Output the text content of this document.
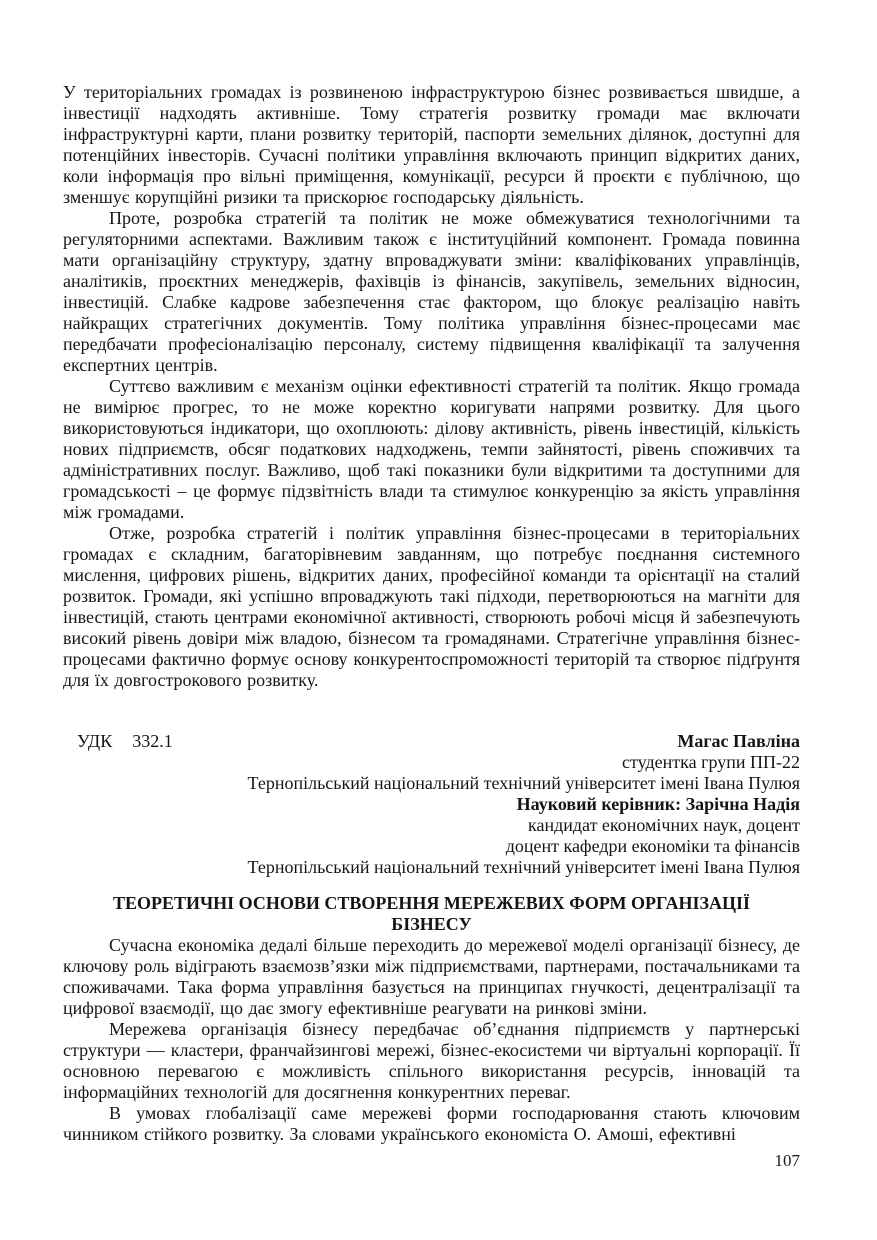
У територіальних громадах із розвиненою інфраструктурою бізнес розвивається швидше, а інвестиції надходять активніше. Тому стратегія розвитку громади має включати інфраструктурні карти, плани розвитку територій, паспорти земельних ділянок, доступні для потенційних інвесторів. Сучасні політики управління включають принцип відкритих даних, коли інформація про вільні приміщення, комунікації, ресурси й проєкти є публічною, що зменшує корупційні ризики та прискорює господарську діяльність.

Проте, розробка стратегій та політик не може обмежуватися технологічними та регуляторними аспектами. Важливим також є інституційний компонент. Громада повинна мати організаційну структуру, здатну впроваджувати зміни: кваліфікованих управлінців, аналітиків, проєктних менеджерів, фахівців із фінансів, закупівель, земельних відносин, інвестицій. Слабке кадрове забезпечення стає фактором, що блокує реалізацію навіть найкращих стратегічних документів. Тому політика управління бізнес-процесами має передбачати професіоналізацію персоналу, систему підвищення кваліфікації та залучення експертних центрів.

Суттєво важливим є механізм оцінки ефективності стратегій та політик. Якщо громада не вимірює прогрес, то не може коректно коригувати напрями розвитку. Для цього використовуються індикатори, що охоплюють: ділову активність, рівень інвестицій, кількість нових підприємств, обсяг податкових надходжень, темпи зайнятості, рівень споживчих та адміністративних послуг. Важливо, щоб такі показники були відкритими та доступними для громадськості – це формує підзвітність влади та стимулює конкуренцію за якість управління між громадами.

Отже, розробка стратегій і політик управління бізнес-процесами в територіальних громадах є складним, багаторівневим завданням, що потребує поєднання системного мислення, цифрових рішень, відкритих даних, професійної команди та орієнтації на сталий розвиток. Громади, які успішно впроваджують такі підходи, перетворюються на магніти для інвестицій, стають центрами економічної активності, створюють робочі місця й забезпечують високий рівень довіри між владою, бізнесом та громадянами. Стратегічне управління бізнес-процесами фактично формує основу конкурентоспроможності територій та створює підґрунтя для їх довгострокового розвитку.

УДК 332.1	Магас Павліна
студентка групи ПП-22
Тернопільський національний технічний університет імені Івана Пулюя
Науковий керівник: Зарічна Надія
кандидат економічних наук, доцент
доцент кафедри економіки та фінансів
Тернопільський національний технічний університет імені Івана Пулюя
ТЕОРЕТИЧНІ ОСНОВИ СТВОРЕННЯ МЕРЕЖЕВИХ ФОРМ ОРГАНІЗАЦІЇ БІЗНЕСУ

Сучасна економіка дедалі більше переходить до мережевої моделі організації бізнесу, де ключову роль відіграють взаємозв’язки між підприємствами, партнерами, постачальниками та споживачами. Така форма управління базується на принципах гнучкості, децентралізації та цифрової взаємодії, що дає змогу ефективніше реагувати на ринкові зміни.

Мережева організація бізнесу передбачає об’єднання підприємств у партнерські структури — кластери, франчайзингові мережі, бізнес-екосистеми чи віртуальні корпорації. Її основною перевагою є можливість спільного використання ресурсів, інновацій та інформаційних технологій для досягнення конкурентних переваг.

В умовах глобалізації саме мережеві форми господарювання стають ключовим чинником стійкого розвитку. За словами українського економіста О. Амоші, ефективні

107
